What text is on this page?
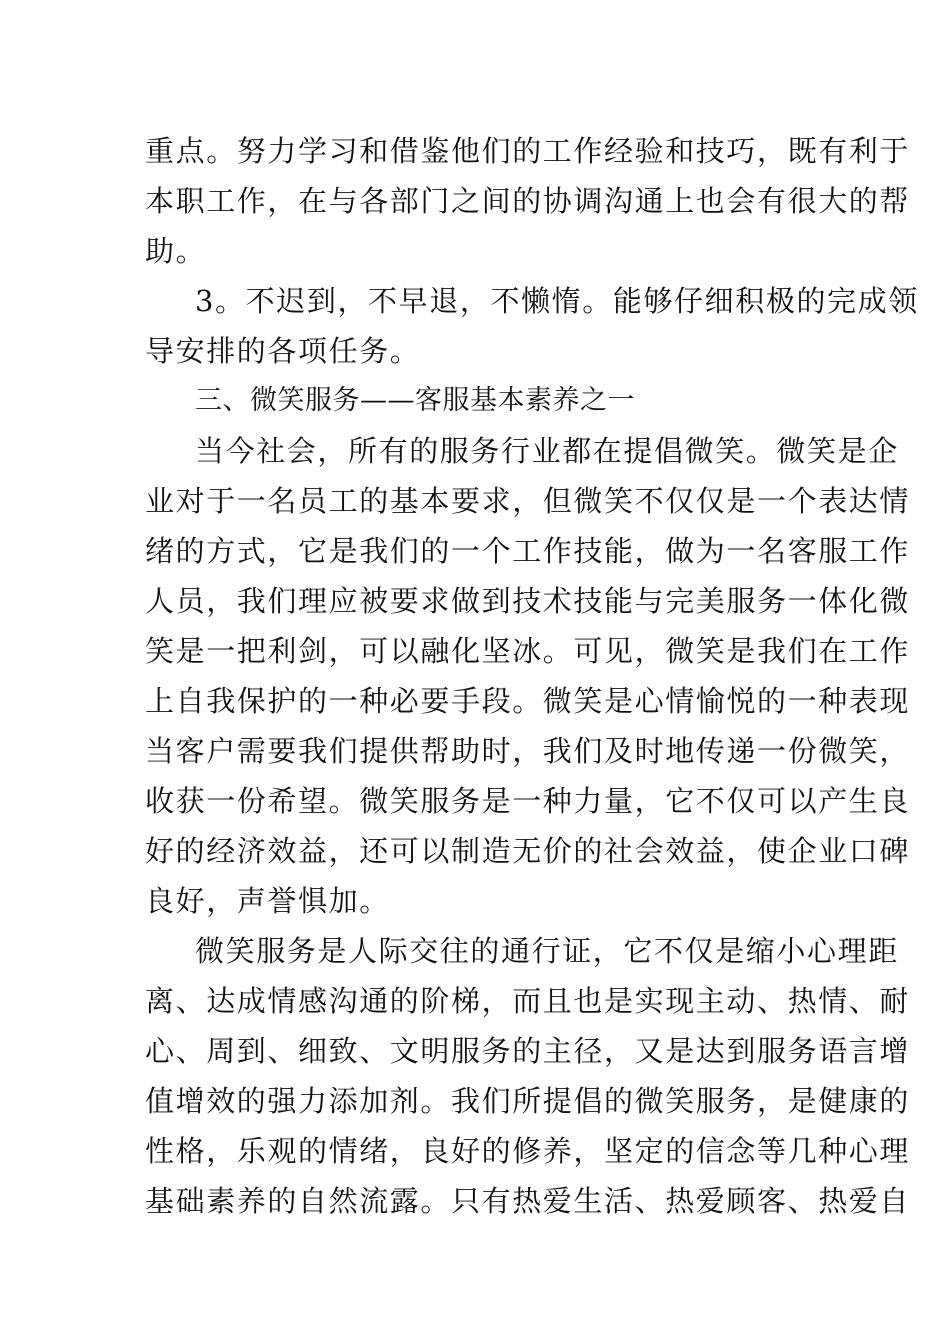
重点。努力学习和借鉴他们的工作经验和技巧，既有利于
本职工作，在与各部门之间的协调沟通上也会有很大的帮
助。
3。不迟到，不早退，不懒惰。能够仔细积极的完成领
导安排的各项任务。
三、微笑服务——客服基本素养之一
当今社会，所有的服务行业都在提倡微笑。微笑是企
业对于一名员工的基本要求，但微笑不仅仅是一个表达情
绪的方式，它是我们的一个工作技能，做为一名客服工作
人员，我们理应被要求做到技术技能与完美服务一体化微
笑是一把利剑，可以融化坚冰。可见，微笑是我们在工作
上自我保护的一种必要手段。微笑是心情愉悦的一种表现
当客户需要我们提供帮助时，我们及时地传递一份微笑，
收获一份希望。微笑服务是一种力量，它不仅可以产生良
好的经济效益，还可以制造无价的社会效益，使企业口碑
良好，声誉惧加。
微笑服务是人际交往的通行证，它不仅是缩小心理距
离、达成情感沟通的阶梯，而且也是实现主动、热情、耐
心、周到、细致、文明服务的主径，又是达到服务语言增
值增效的强力添加剂。我们所提倡的微笑服务，是健康的
性格，乐观的情绪，良好的修养，坚定的信念等几种心理
基础素养的自然流露。只有热爱生活、热爱顾客、热爱自
